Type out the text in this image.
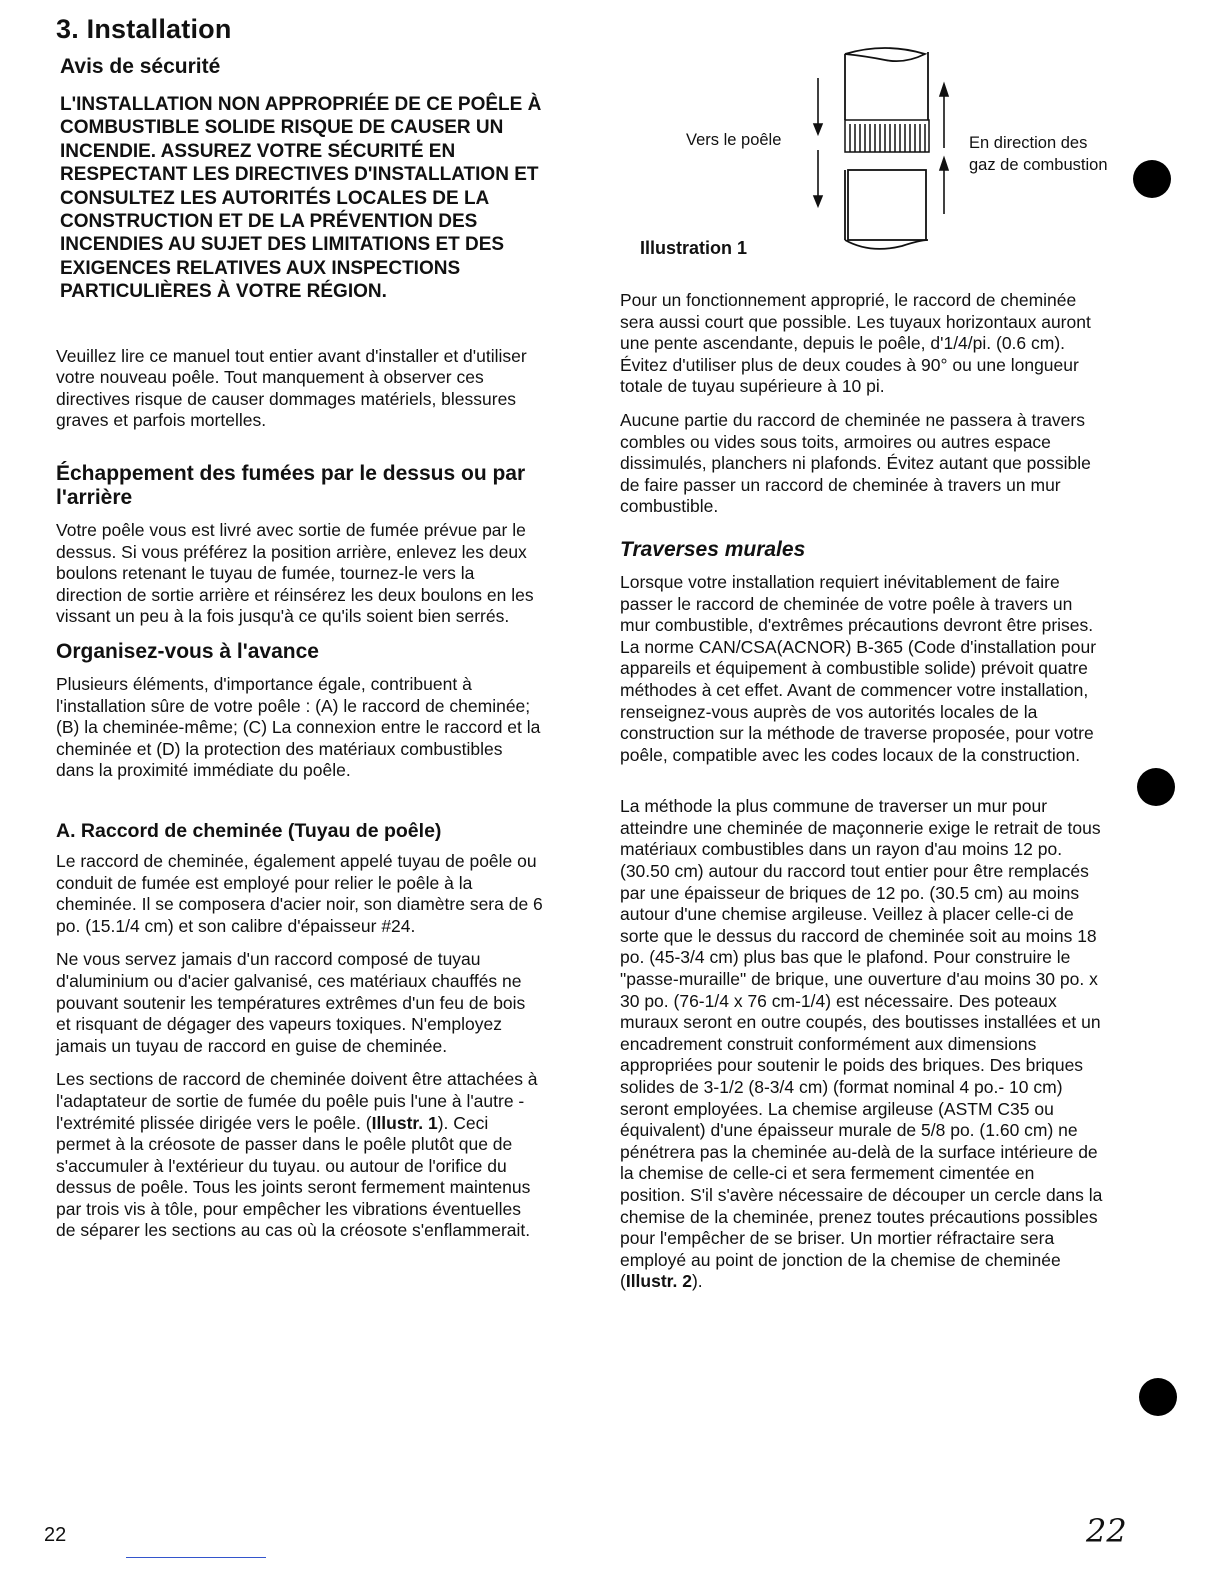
3. Installation
Avis de sécurité
L'INSTALLATION NON APPROPRIÉE DE CE POÊLE À COMBUSTIBLE SOLIDE RISQUE DE CAUSER UN INCENDIE. ASSUREZ VOTRE SÉCURITÉ EN RESPECTANT LES DIRECTIVES D'INSTALLATION ET CONSULTEZ LES AUTORITÉS LOCALES DE LA CONSTRUCTION ET DE LA PRÉVENTION DES INCENDIES AU SUJET DES LIMITATIONS ET DES EXIGENCES RELATIVES AUX INSPECTIONS PARTICULIÈRES À VOTRE RÉGION.

Veuillez lire ce manuel tout entier avant d'installer et d'utiliser votre nouveau poêle. Tout manquement à observer ces directives risque de causer dommages matériels, blessures graves et parfois mortelles.

Échappement des fumées par le dessus ou par l'arrière

Votre poêle vous est livré avec sortie de fumée prévue par le dessus. Si vous préférez la position arrière, enlevez les deux boulons retenant le tuyau de fumée, tournez-le vers la direction de sortie arrière et réinsérez les deux boulons en les vissant un peu à la fois jusqu'à ce qu'ils soient bien serrés.

Organisez-vous à l'avance

Plusieurs éléments, d'importance égale, contribuent à l'installation sûre de votre poêle : (A) le raccord de cheminée; (B) la cheminée-même; (C) La connexion entre le raccord et la cheminée et (D) la protection des matériaux combustibles dans la proximité immédiate du poêle.

A. Raccord de cheminée (Tuyau de poêle)

Le raccord de cheminée, également appelé tuyau de poêle ou conduit de fumée est employé pour relier le poêle à la cheminée. Il se composera d'acier noir, son diamètre sera de 6 po. (15.1/4 cm) et son calibre d'épaisseur #24.

Ne vous servez jamais d'un raccord composé de tuyau d'aluminium ou d'acier galvanisé, ces matériaux chauffés ne pouvant soutenir les températures extrêmes d'un feu de bois et risquant de dégager des vapeurs toxiques. N'employez jamais un tuyau de raccord en guise de cheminée.

Les sections de raccord de cheminée doivent être attachées à l'adaptateur de sortie de fumée du poêle puis l'une à l'autre - l'extrémité plissée dirigée vers le poêle. (Illustr. 1). Ceci permet à la créosote de passer dans le poêle plutôt que de s'accumuler à l'extérieur du tuyau. ou autour de l'orifice du dessus de poêle. Tous les joints seront fermement maintenus par trois vis à tôle, pour empêcher les vibrations éventuelles de séparer les sections au cas où la créosote s'enflammerait.

Vers le poêle	En direction des
gaz de combustion
Illustration 1

Pour un fonctionnement approprié, le raccord de cheminée sera aussi court que possible. Les tuyaux horizontaux auront une pente ascendante, depuis le poêle, d'1/4/pi. (0.6 cm). Évitez d'utiliser plus de deux coudes à 90° ou une longueur totale de tuyau supérieure à 10 pi.

Aucune partie du raccord de cheminée ne passera à travers combles ou vides sous toits, armoires ou autres espace dissimulés, planchers ni plafonds. Évitez autant que possible de faire passer un raccord de cheminée à travers un mur combustible.

Traverses murales

Lorsque votre installation requiert inévitablement de faire passer le raccord de cheminée de votre poêle à travers un mur combustible, d'extrêmes précautions devront être prises. La norme CAN/CSA(ACNOR) B-365 (Code d'installation pour appareils et équipement à combustible solide) prévoit quatre méthodes à cet effet. Avant de commencer votre installation, renseignez-vous auprès de vos autorités locales de la construction sur la méthode de traverse proposée, pour votre poêle, compatible avec les codes locaux de la construction.

La méthode la plus commune de traverser un mur pour atteindre une cheminée de maçonnerie exige le retrait de tous matériaux combustibles dans un rayon d'au moins 12 po. (30.50 cm) autour du raccord tout entier pour être remplacés par une épaisseur de briques de 12 po. (30.5 cm) au moins autour d'une chemise argileuse. Veillez à placer celle-ci de sorte que le dessus du raccord de cheminée soit au moins 18 po. (45-3/4 cm) plus bas que le plafond. Pour construire le "passe-muraille" de brique, une ouverture d'au moins 30 po. x 30 po. (76-1/4 x 76 cm-1/4) est nécessaire. Des poteaux muraux seront en outre coupés, des boutisses installées et un encadrement construit conformément aux dimensions appropriées pour soutenir le poids des briques. Des briques solides de 3-1/2 (8-3/4 cm) (format nominal 4 po.- 10 cm) seront employées. La chemise argileuse (ASTM C35 ou équivalent) d'une épaisseur murale de 5/8 po. (1.60 cm) ne pénétrera pas la cheminée au-delà de la surface intérieure de la chemise de celle-ci et sera fermement cimentée en position. S'il s'avère nécessaire de découper un cercle dans la chemise de la cheminée, prenez toutes précautions possibles pour l'empêcher de se briser. Un mortier réfractaire sera employé au point de jonction de la chemise de cheminée (Illustr. 2).

22	22
